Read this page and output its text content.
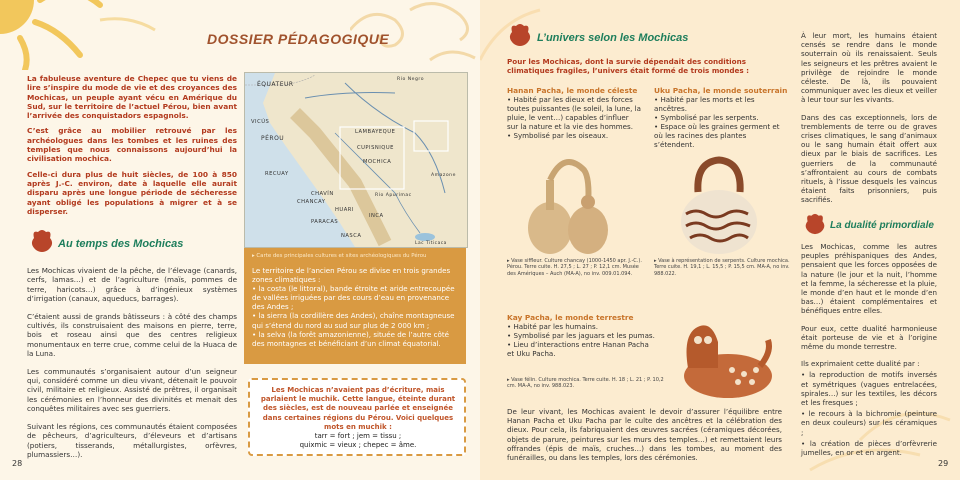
DOSSIER PÉDAGOGIQUE

La fabuleuse aventure de Chepec que tu viens de lire s’inspire du mode de vie et des croyances des Mochicas, un peuple ayant vécu en Amérique du Sud, sur le territoire de l’actuel Pérou, bien avant l’arrivée des conquistadors espagnols.

C’est grâce au mobilier retrouvé par les archéologues dans les tombes et les ruines des temples que nous connaissons aujourd’hui la civilisation mochica.

Celle-ci dura plus de huit siècles, de 100 à 850 après J.-C. environ, date à laquelle elle aurait disparu après une longue période de sécheresse ayant obligé les populations à migrer et à se disperser.

ÉQUATEUR
PÉROU
VICÚS
LAMBAYEQUE
MOCHICA
CUPISNIQUE
RECUAY
CHAVÍN
CHANCAY
HUARI
PARACAS
NASCA
INCA
Río Negro
Amazone
Río Apurímac
Lac Titicaca
▸ Carte des principales cultures et sites archéologiques du Pérou

Le territoire de l’ancien Pérou se divise en trois grandes zones climatiques :

• la costa (le littoral), bande étroite et aride entrecoupée de vallées irriguées par des cours d’eau en provenance des Andes ;

• la sierra (la cordillère des Andes), chaîne montagneuse qui s’étend du nord au sud sur plus de 2 000 km ;

• la selva (la forêt amazonienne), située de l’autre côté des montagnes et bénéficiant d’un climat équatorial.

Au temps des Mochicas

Les Mochicas vivaient de la pêche, de l’élevage (canards, cerfs, lamas…) et de l’agriculture (maïs, pommes de terre, haricots…) grâce à d’ingénieux systèmes d’irrigation (canaux, aqueducs, barrages).

C’étaient aussi de grands bâtisseurs : à côté des champs cultivés, ils construisaient des maisons en pierre, terre, bois et roseau ainsi que des centres religieux monumentaux en terre crue, comme celui de la Huaca de la Luna.

Les communautés s’organisaient autour d’un seigneur qui, considéré comme un dieu vivant, détenait le pouvoir civil, militaire et religieux. Assisté de prêtres, il organisait les cérémonies en l’honneur des divinités et menait des conquêtes militaires avec ses guerriers.

Suivant les régions, ces communautés étaient composées de pêcheurs, d’agriculteurs, d’éleveurs et d’artisans (potiers, tisserands, métallurgistes, orfèvres, plumassiers…).

Les Mochicas n’avaient pas d’écriture, mais parlaient le muchik. Cette langue, éteinte durant des siècles, est de nouveau parlée et enseignée dans certaines régions du Pérou. Voici quelques mots en muchik :
tarr = fort ; jem = tissu ;
quixmic = vieux ; chepec = âme.
28
L’univers selon les Mochicas
Pour les Mochicas, dont la survie dépendait des conditions climatiques fragiles, l’univers était formé de trois mondes :
Hanan Pacha, le monde céleste
• Habité par les dieux et des forces toutes puissantes (le soleil, la lune, la pluie, le vent…) capables d’influer sur la nature et la vie des hommes.
• Symbolisé par les oiseaux.
Uku Pacha, le monde souterrain
• Habité par les morts et les ancêtres.
• Symbolisé par les serpents.
• Espace où les graines germent et où les racines des plantes s’étendent.
▸ Vase siffleur. Culture chancay (1000-1450 apr. J.-C.). Pérou. Terre cuite. H. 27,5 ; L. 27 ; P. 12,1 cm. Musée des Amériques – Auch (MA-A), no inv. 009.01.094.
▸ Vase à représentation de serpents. Culture mochica. Terre cuite. H. 19,1 ; L. 15,5 ; P. 15,5 cm. MA-A, no inv. 988.022.
Kay Pacha, le monde terrestre
• Habité par les humains.
• Symbolisé par les jaguars et les pumas.
• Lieu d’interactions entre Hanan Pacha et Uku Pacha.
▸ Vase félin. Culture mochica. Terre cuite. H. 18 ; L. 21 ; P. 10,2 cm. MA-A, no inv. 988.023.
De leur vivant, les Mochicas avaient le devoir d’assurer l’équilibre entre Hanan Pacha et Uku Pacha par le culte des ancêtres et la célébration des dieux. Pour cela, ils fabriquaient des œuvres sacrées (céramiques décorées, objets de parure, peintures sur les murs des temples…) et remettaient leurs offrandes (épis de maïs, cruches…) dans les tombes, au moment des funérailles, ou dans les temples, lors des cérémonies.

À leur mort, les humains étaient censés se rendre dans le monde souterrain où ils renaissaient. Seuls les seigneurs et les prêtres avaient le privilège de rejoindre le monde céleste. De là, ils pouvaient communiquer avec les dieux et veiller à leur tour sur les vivants.

Dans des cas exceptionnels, lors de tremblements de terre ou de graves crises climatiques, le sang d’animaux ou le sang humain était offert aux dieux par le biais de sacrifices. Les guerriers de la communauté s’affrontaient au cours de combats rituels, à l’issue desquels les vaincus étaient faits prisonniers, puis sacrifiés.

La dualité primordiale

Les Mochicas, comme les autres peuples préhispaniques des Andes, pensaient que les forces opposées de la nature (le jour et la nuit, l’homme et la femme, la sécheresse et la pluie, le monde d’en haut et le monde d’en bas…) étaient complémentaires et bénéfiques entre elles.

Pour eux, cette dualité harmonieuse était porteuse de vie et à l’origine même du monde terrestre.

Ils exprimaient cette dualité par :

• la reproduction de motifs inversés et symétriques (vagues entrelacées, spirales…) sur les textiles, les décors et les fresques ;

• le recours à la bichromie (peinture en deux couleurs) sur les céramiques ;

• la création de pièces d’orfèvrerie jumelles, en or et en argent.

29
